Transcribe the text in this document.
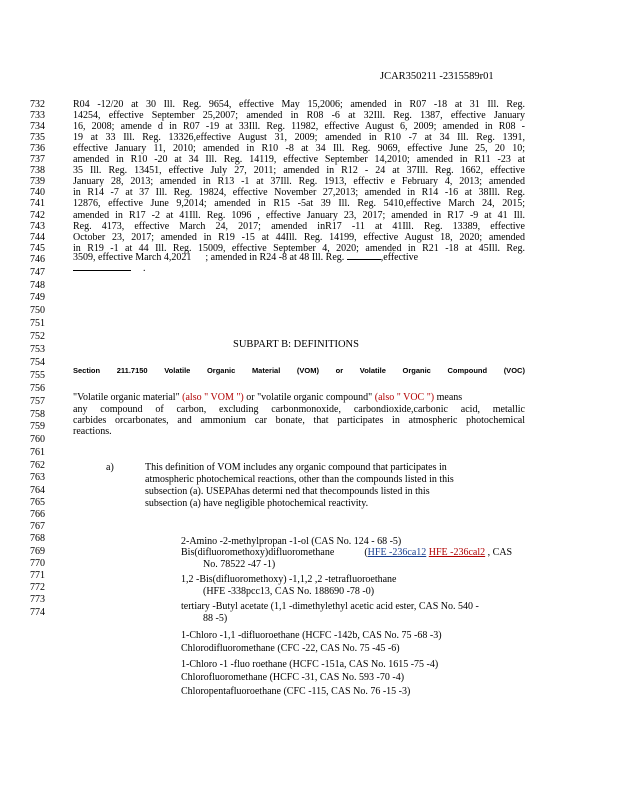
JCAR350211 -2315589r01
732
733
734
735
736
737
738
739
740
741
742
743
744
745
746
747
748
749
750
751
752
753
754
755
756
757
758
759
760
761
762
763
764
765
766
767
768
769
770
771
772
773
774
R04 -12/20 at 30 Ill. Reg. 9654, effective May 15,2006; amended in R07 -18 at 31 Ill. Reg.
14254, effective September 25,2007; amended in R08 -6 at 32Ill. Reg. 1387, effective January
16, 2008; amende d in R07 -19 at 33Ill. Reg. 11982, effective August 6, 2009; amended in R08 -
19 at 33 Ill. Reg. 13326,effective August 31, 2009; amended in R10 -7 at 34 Ill. Reg. 1391,
effective January 11, 2010; amended in R10 -8 at 34 Ill. Reg. 9069, effective June 25, 20 10;
amended in R10 -20 at 34 Ill. Reg. 14119, effective September 14,2010; amended in R11 -23 at
35 Ill. Reg. 13451, effective July 27, 2011; amended in R12 - 24 at 37Ill. Reg. 1662, effective
January 28, 2013; amended in R13 -1 at 37Ill. Reg. 1913, effectiv e February 4, 2013; amended
in R14 -7 at 37 Ill. Reg. 19824, effective November 27,2013; amended in R14 -16 at 38Ill. Reg.
12876, effective June 9,2014; amended in R15 -5at 39 Ill. Reg. 5410,effective March 24, 2015;
amended in R17 -2 at 41Ill. Reg. 1096 , effective January 23, 2017; amended in R17 -9 at 41 Ill.
Reg. 4173, effective March 24, 2017; amended inR17 -11 at 41Ill. Reg. 13389, effective
October 23, 2017; amended in R19 -15 at 44Ill. Reg. 14199, effective August 18, 2020; amended
in R19 -1 at 44 Ill. Reg. 15009, effective September 4, 2020; amended in R21 -18 at 45Ill. Reg.
3509, effective March 4,2021 ; amended in R24 -8 at 48 Ill. Reg.	,effective
.
SUBPART B: DEFINITIONS
Section 211.7150 Volatile Organic Material (VOM) or Volatile Organic Compound (VOC)
"Volatile organic material" (also " VOM ") or "volatile organic compound" (also " VOC ") means
any compound of carbon, excluding carbonmonoxide, carbondioxide,carbonic acid, metallic
carbides orcarbonates, and ammonium car bonate, that participates in atmospheric photochemical
reactions.
a)	This definition of VOM includes any organic compound that participates in
atmospheric photochemical reactions, other than the compounds listed in this
subsection (a). USEPAhas determi ned that thecompounds listed in this
subsection (a) have negligible photochemical reactivity.
2-Amino -2-methylpropan -1-ol (CAS No. 124 - 68 -5)
Bis(difluoromethoxy)difluoromethane	(HFE -236ca12 HFE -236cal2 , CAS
No. 78522 -47 -1)
1,2 -Bis(difluoromethoxy) -1,1,2 ,2 -tetrafluoroethane
(HFE -338pcc13, CAS No. 188690 -78 -0)
tertiary -Butyl acetate (1,1 -dimethylethyl acetic acid ester, CAS No. 540 -
88 -5)
1-Chloro -1,1 -difluoroethane (HCFC -142b, CAS No. 75 -68 -3)
Chlorodifluoromethane (CFC -22, CAS No. 75 -45 -6)
1-Chloro -1 -fluo roethane (HCFC -151a, CAS No. 1615 -75 -4)
Chlorofluoromethane (HCFC -31, CAS No. 593 -70 -4)
Chloropentafluoroethane (CFC -115, CAS No. 76 -15 -3)
